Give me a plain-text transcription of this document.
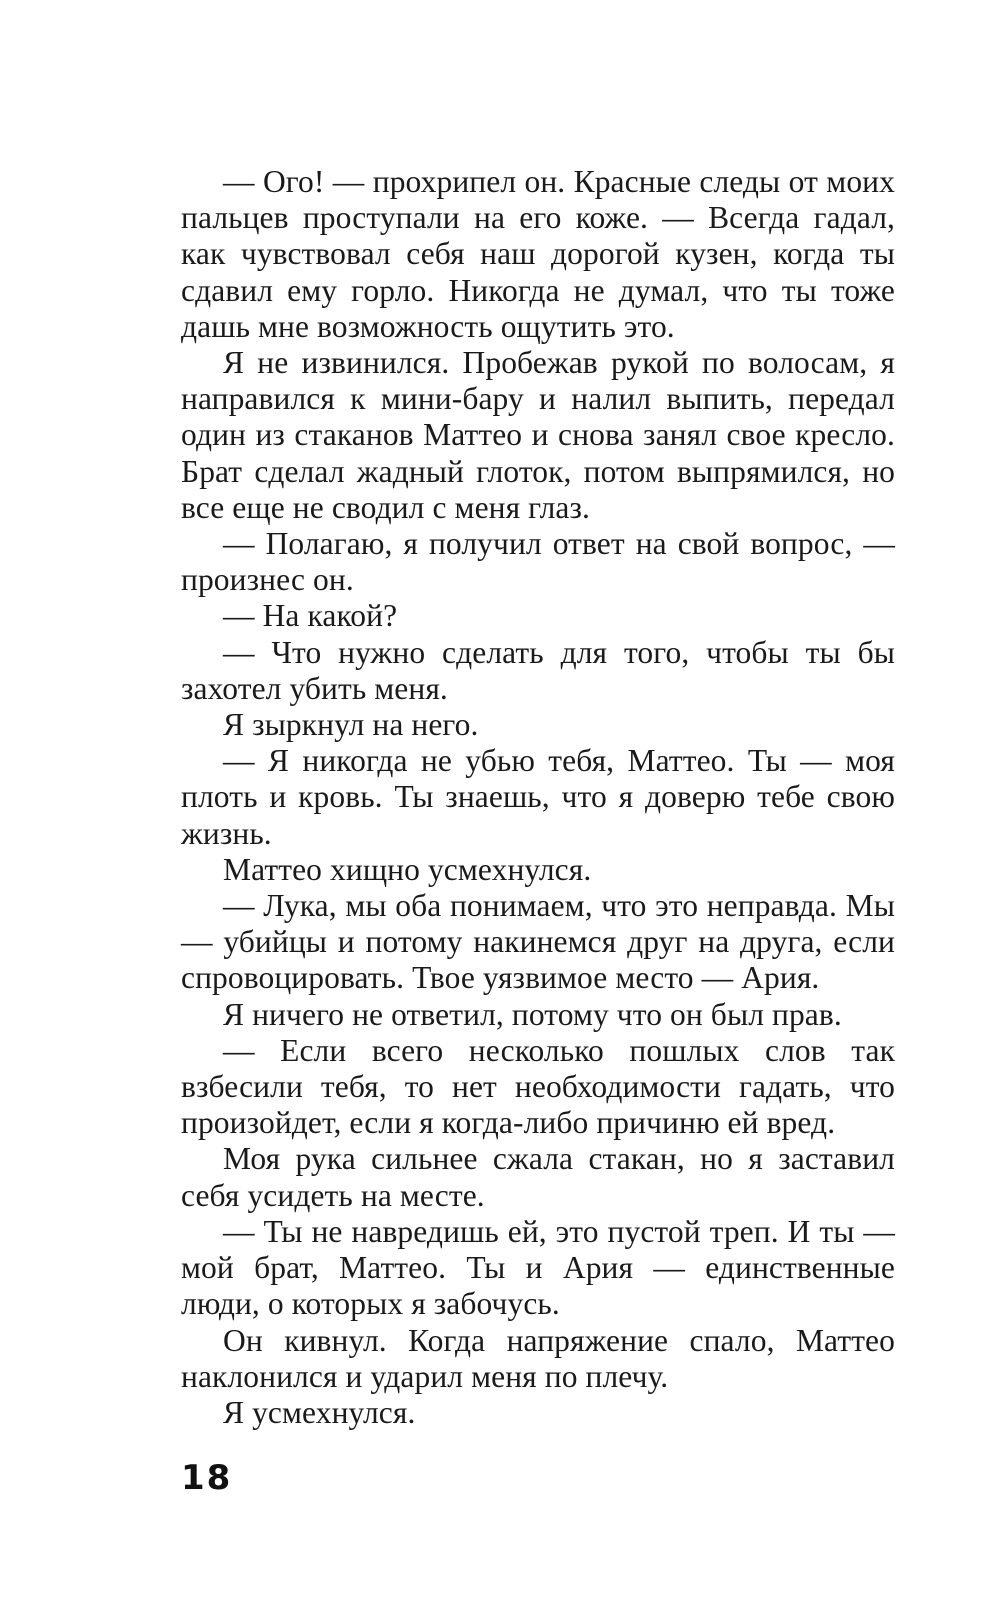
— Ого! — прохрипел он. Красные следы от моих пальцев проступали на его коже. — Всегда гадал, как чувствовал себя наш дорогой кузен, когда ты сдавил ему горло. Никогда не думал, что ты тоже дашь мне возможность ощутить это.

Я не извинился. Пробежав рукой по волосам, я направился к мини-бару и налил выпить, передал один из стаканов Маттео и снова занял свое кресло. Брат сделал жадный глоток, потом выпрямился, но все еще не сводил с меня глаз.

— Полагаю, я получил ответ на свой вопрос, — произнес он.

— На какой?

— Что нужно сделать для того, чтобы ты бы захотел убить меня.

Я зыркнул на него.

— Я никогда не убью тебя, Маттео. Ты — моя плоть и кровь. Ты знаешь, что я доверю тебе свою жизнь.

Маттео хищно усмехнулся.

— Лука, мы оба понимаем, что это неправда. Мы — убийцы и потому накинемся друг на друга, если спровоцировать. Твое уязвимое место — Ария.

Я ничего не ответил, потому что он был прав.

— Если всего несколько пошлых слов так взбесили тебя, то нет необходимости гадать, что произойдет, если я когда-либо причиню ей вред.

Моя рука сильнее сжала стакан, но я заставил себя усидеть на месте.

— Ты не навредишь ей, это пустой треп. И ты — мой брат, Маттео. Ты и Ария — единственные люди, о которых я забочусь.

Он кивнул. Когда напряжение спало, Маттео наклонился и ударил меня по плечу.

Я усмехнулся.

18
